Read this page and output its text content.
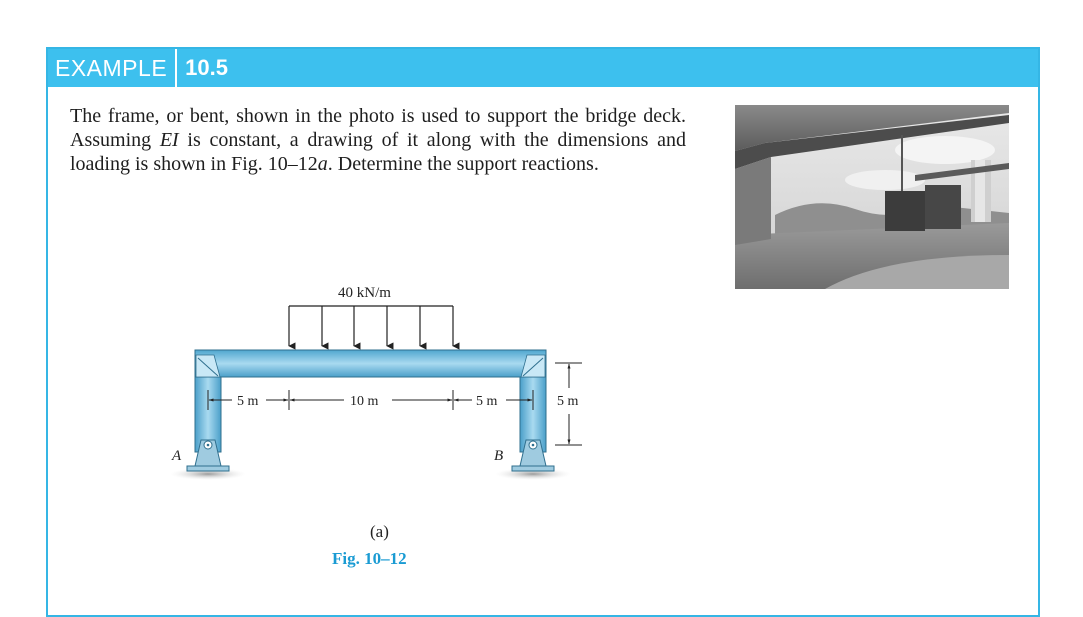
EXAMPLE 10.5
The frame, or bent, shown in the photo is used to support the bridge deck. Assuming EI is constant, a drawing of it along with the dimensions and loading is shown in Fig. 10–12a. Determine the support reactions.
(a)
Fig. 10–12
40 kN/m
A	B
5 m	10 m	5 m	5 m
